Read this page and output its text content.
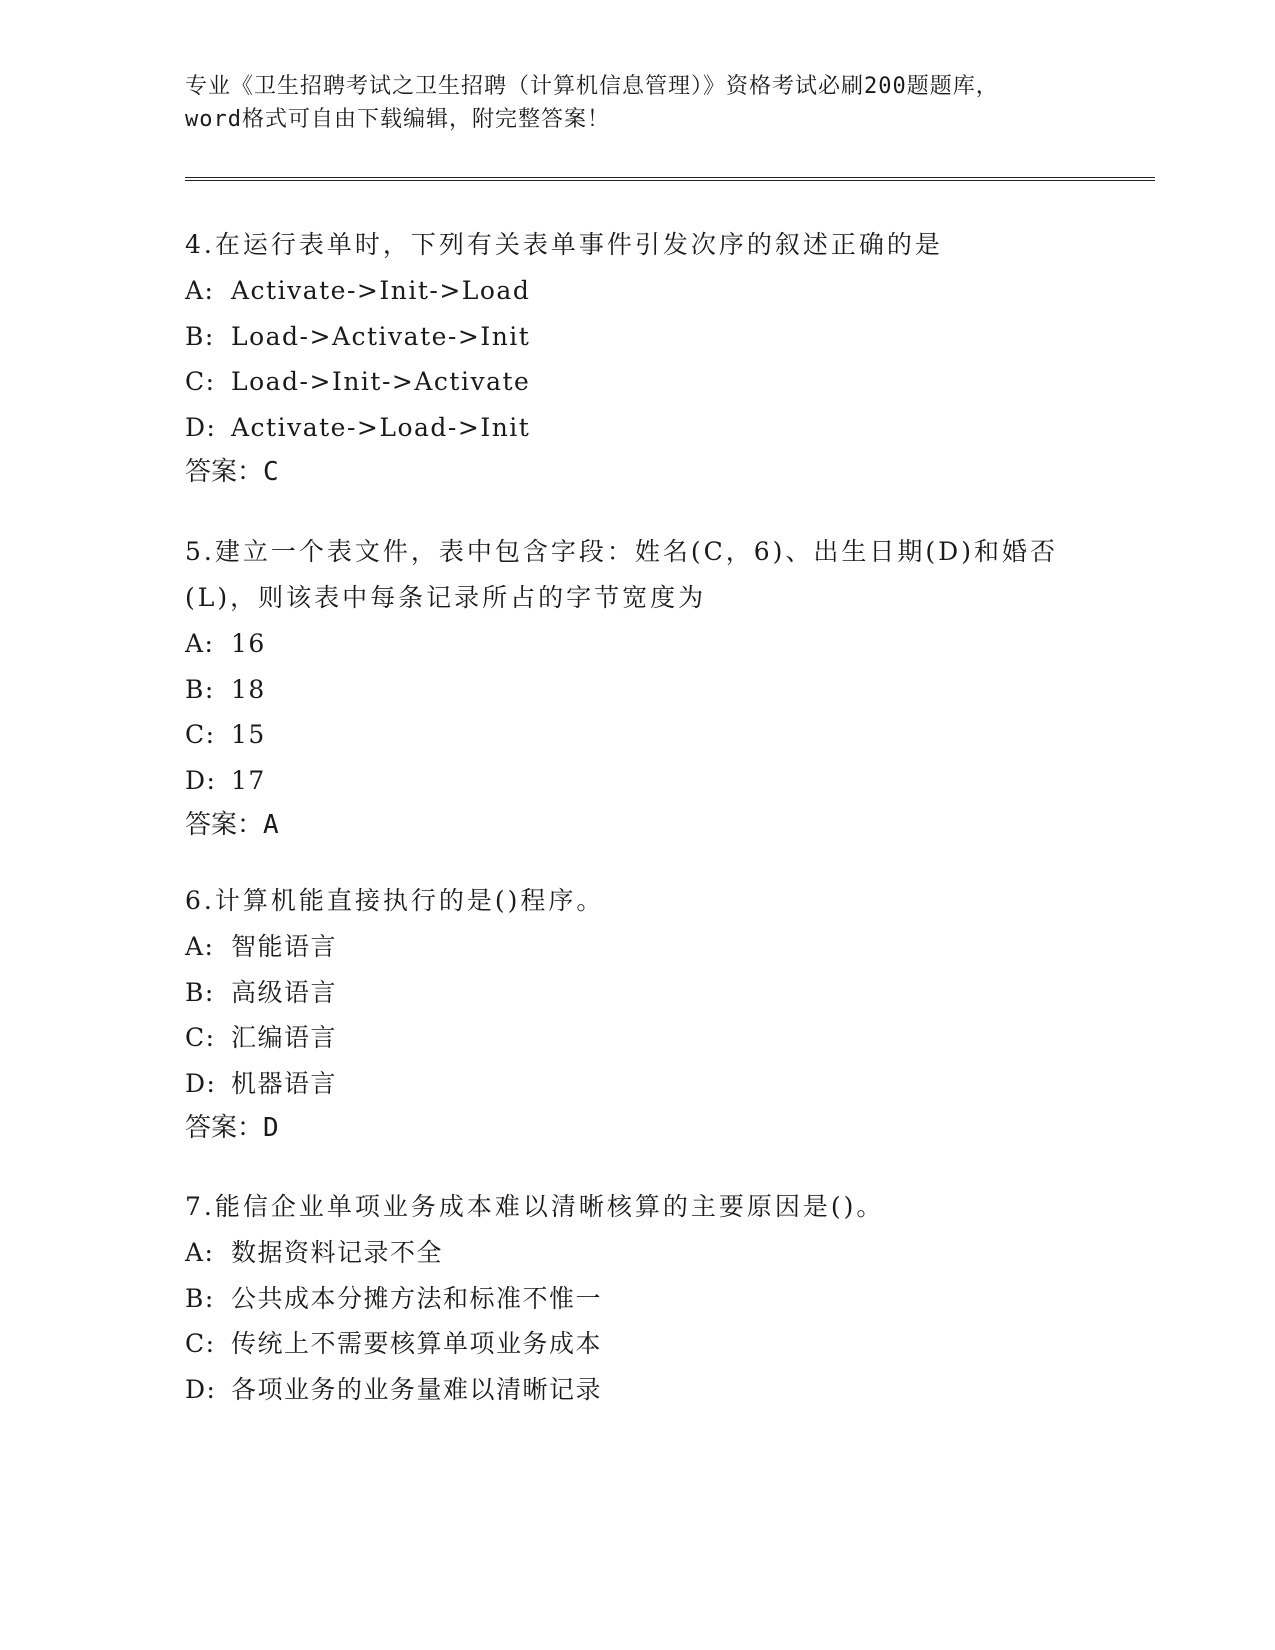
专业《卫生招聘考试之卫生招聘（计算机信息管理）》资格考试必刷200题题库，
word格式可自由下载编辑，附完整答案！
4.在运行表单时，下列有关表单事件引发次序的叙述正确的是
A: Activate->Init->Load
B: Load->Activate->Init
C: Load->Init->Activate
D: Activate->Load->Init
答案：C
5.建立一个表文件，表中包含字段：姓名(C，6)、出生日期(D)和婚否
(L)，则该表中每条记录所占的字节宽度为
A: 16
B: 18
C: 15
D: 17
答案：A
6.计算机能直接执行的是()程序。
A: 智能语言
B: 高级语言
C: 汇编语言
D: 机器语言
答案：D
7.能信企业单项业务成本难以清晰核算的主要原因是()。
A: 数据资料记录不全
B: 公共成本分摊方法和标准不惟一
C: 传统上不需要核算单项业务成本
D: 各项业务的业务量难以清晰记录
